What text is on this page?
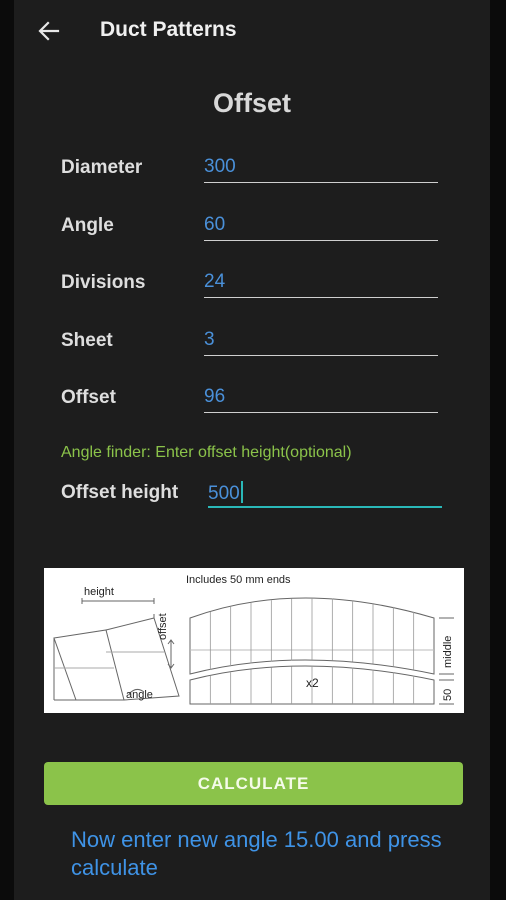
Duct Patterns
Offset
Diameter	300
Angle	60
Divisions	24
Sheet	3
Offset	96
Angle finder: Enter offset height(optional)
Offset height 500
height
offset
angle
Includes 50 mm ends
middle
50
x2
CALCULATE
Now enter new angle 15.00 and press calculate
